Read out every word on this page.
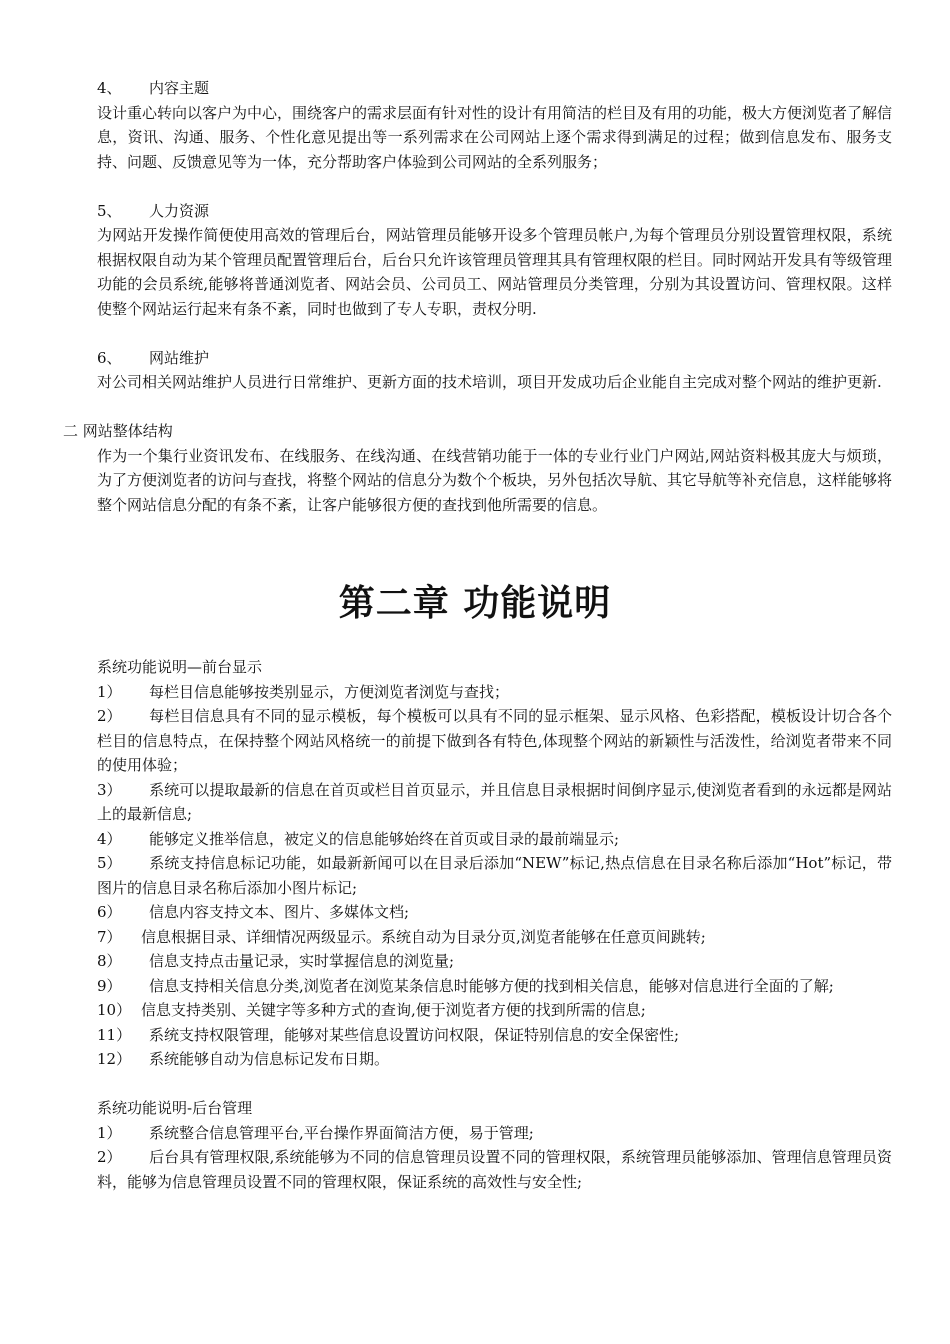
4、 内容主题
设计重心转向以客户为中心，围绕客户的需求层面有针对性的设计有用简洁的栏目及有用的功能，极大方便浏览者了解信息，资讯、沟通、服务、个性化意见提出等一系列需求在公司网站上逐个需求得到满足的过程；做到信息发布、服务支持、问题、反馈意见等为一体，充分帮助客户体验到公司网站的全系列服务；
5、 人力资源
为网站开发操作简便使用高效的管理后台，网站管理员能够开设多个管理员帐户,为每个管理员分别设置管理权限，系统根据权限自动为某个管理员配置管理后台，后台只允许该管理员管理其具有管理权限的栏目。同时网站开发具有等级管理功能的会员系统,能够将普通浏览者、网站会员、公司员工、网站管理员分类管理，分别为其设置访问、管理权限。这样使整个网站运行起来有条不紊，同时也做到了专人专职，责权分明.
6、 网站维护
对公司相关网站维护人员进行日常维护、更新方面的技术培训，项目开发成功后企业能自主完成对整个网站的维护更新.
二 网站整体结构
作为一个集行业资讯发布、在线服务、在线沟通、在线营销功能于一体的专业行业门户网站,网站资料极其庞大与烦琐，为了方便浏览者的访问与查找，将整个网站的信息分为数个个板块，另外包括次导航、其它导航等补充信息，这样能够将整个网站信息分配的有条不紊，让客户能够很方便的查找到他所需要的信息。
第二章 功能说明
系统功能说明—前台显示
1） 每栏目信息能够按类别显示，方便浏览者浏览与查找；
2） 每栏目信息具有不同的显示模板，每个模板可以具有不同的显示框架、显示风格、色彩搭配，模板设计切合各个栏目的信息特点，在保持整个网站风格统一的前提下做到各有特色,体现整个网站的新颖性与活泼性，给浏览者带来不同的使用体验；
3） 系统可以提取最新的信息在首页或栏目首页显示，并且信息目录根据时间倒序显示,使浏览者看到的永远都是网站上的最新信息;
4） 能够定义推举信息，被定义的信息能够始终在首页或目录的最前端显示;
5） 系统支持信息标记功能，如最新新闻可以在目录后添加“NEW”标记,热点信息在目录名称后添加“Hot”标记，带图片的信息目录名称后添加小图片标记;
6） 信息内容支持文本、图片、多媒体文档;
7） 信息根据目录、详细情况两级显示。系统自动为目录分页,浏览者能够在任意页间跳转;
8） 信息支持点击量记录，实时掌握信息的浏览量;
9） 信息支持相关信息分类,浏览者在浏览某条信息时能够方便的找到相关信息，能够对信息进行全面的了解;
10） 信息支持类别、关键字等多种方式的查询,便于浏览者方便的找到所需的信息;
11） 系统支持权限管理，能够对某些信息设置访问权限，保证特别信息的安全保密性;
12） 系统能够自动为信息标记发布日期。
系统功能说明-后台管理
1） 系统整合信息管理平台,平台操作界面简洁方便，易于管理;
2） 后台具有管理权限,系统能够为不同的信息管理员设置不同的管理权限，系统管理员能够添加、管理信息管理员资料，能够为信息管理员设置不同的管理权限，保证系统的高效性与安全性;
